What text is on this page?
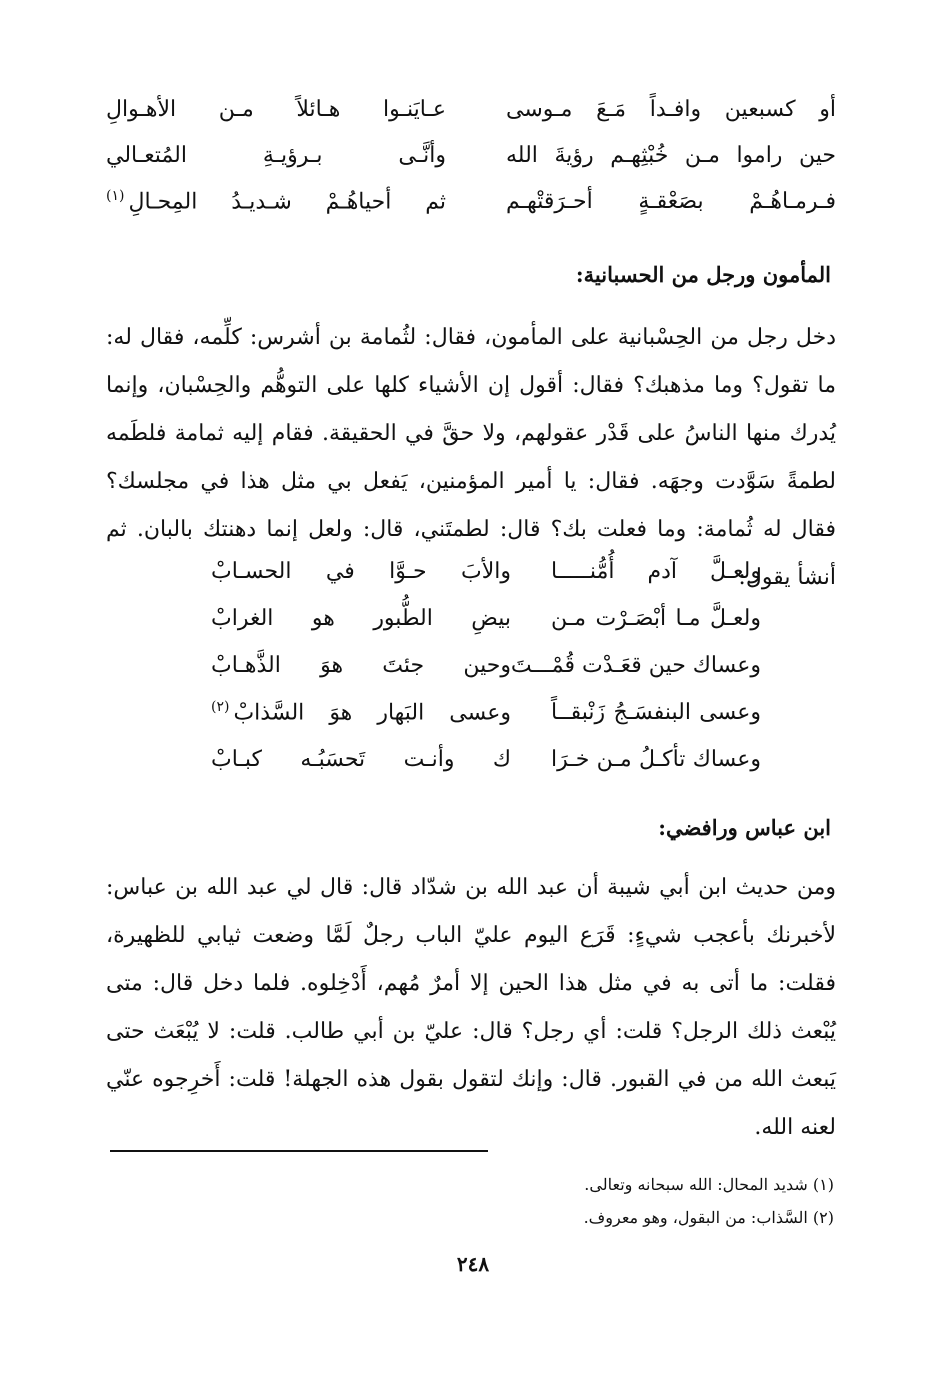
أو كسبعين وافـداً مَـعَ مـوسى
عـايَنـوا هـائلاً مـن الأهـوالِ
حين راموا مـن خُبْثِهـم رؤيةَ الله
وأنَّـى بـرؤيـةِ المُتعـالي
فـرمـاهُـمْ بصَعْقـةٍ أحـرَقتْهـم
ثم أحياهُـمْ شـديـدُ المِحـالِ$^{(١)}$
المأمون ورجل من الحسبانية:

دخل رجل من الحِسْبانية على المأمون، فقال: لثُمامة بن أشرس: كلِّمه، فقال له: ما تقول؟ وما مذهبك؟ فقال: أقول إن الأشياء كلها على التوهُّم والحِسْبان، وإنما يُدرك منها الناسُ على قَدْر عقولهم، ولا حقَّ في الحقيقة. فقام إليه ثمامة فلطَمه لطمةً سَوَّدت وجهَه. فقال: يا أمير المؤمنين، يَفعل بي مثل هذا في مجلسك؟ فقال له ثُمامة: وما فعلت بك؟ قال: لطمتَني، قال: ولعل إنما دهنتك بالبان. ثم أنشأ يقول:

ولعـلَّ آدم أُمُّنـــــا
والأبَ حـوَّا في الحسـابْ
ولعـلَّ مـا أبْصَـرْت مـن
بيضِ الطُّبور هو الغرابْ
وعساك حين قعَـدْت قُمْـــتَ
وحين جئتَ هوَ الذَّهـابْ
وعسى البنفسَـجُ زَنْبقــاً
وعسى البَهار هوَ السَّذابْ$^{(٢)}$
وعساك تأكـلُ مـن خـرَا
ك وأنـت تَحسَبُـه كبـابْ
ابن عباس ورافضي:

ومن حديث ابن أبي شيبة أن عبد الله بن شدّاد قال: قال لي عبد الله بن عباس: لأخبرنك بأعجب شيءٍ: قَرَع اليوم عليّ الباب رجلٌ لَمَّا وضعت ثيابي للظهيرة، فقلت: ما أتى به في مثل هذا الحين إلا أمرٌ مُهم، أَدْخِلوه. فلما دخل قال: متى يُبْعث ذلك الرجل؟ قلت: أي رجل؟ قال: عليّ بن أبي طالب. قلت: لا يُبْعَث حتى يَبعث الله من في القبور. قال: وإنك لتقول بقول هذه الجهلة! قلت: أَخرِجوه عنّي لعنه الله.

(١) شديد المحال: الله سبحانه وتعالى.
(٢) السَّذاب: من البقول، وهو معروف.
٢٤٨
